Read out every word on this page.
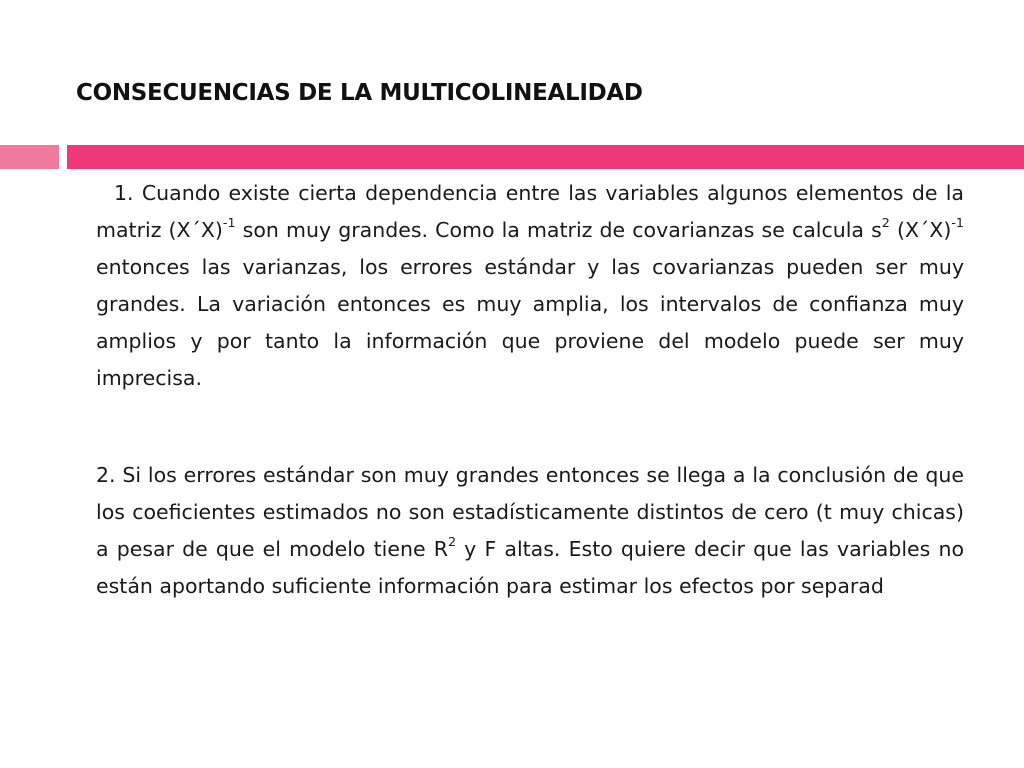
CONSECUENCIAS DE LA MULTICOLINEALIDAD

1. Cuando existe cierta dependencia entre las variables algunos elementos de la matriz (X´X)$^{-1}$ son muy grandes. Como la matriz de covarianzas se calcula $s^2$ (X´X)$^{-1}$ entonces las varianzas, los errores estándar y las covarianzas pueden ser muy grandes. La variación entonces es muy amplia, los intervalos de confianza muy amplios y por tanto la información que proviene del modelo puede ser muy imprecisa.

2. Si los errores estándar son muy grandes entonces se llega a la conclusión de que los coeficientes estimados no son estadísticamente distintos de cero (t muy chicas) a pesar de que el modelo tiene $R^2$ y F altas. Esto quiere decir que las variables no están aportando suficiente información para estimar los efectos por separad
